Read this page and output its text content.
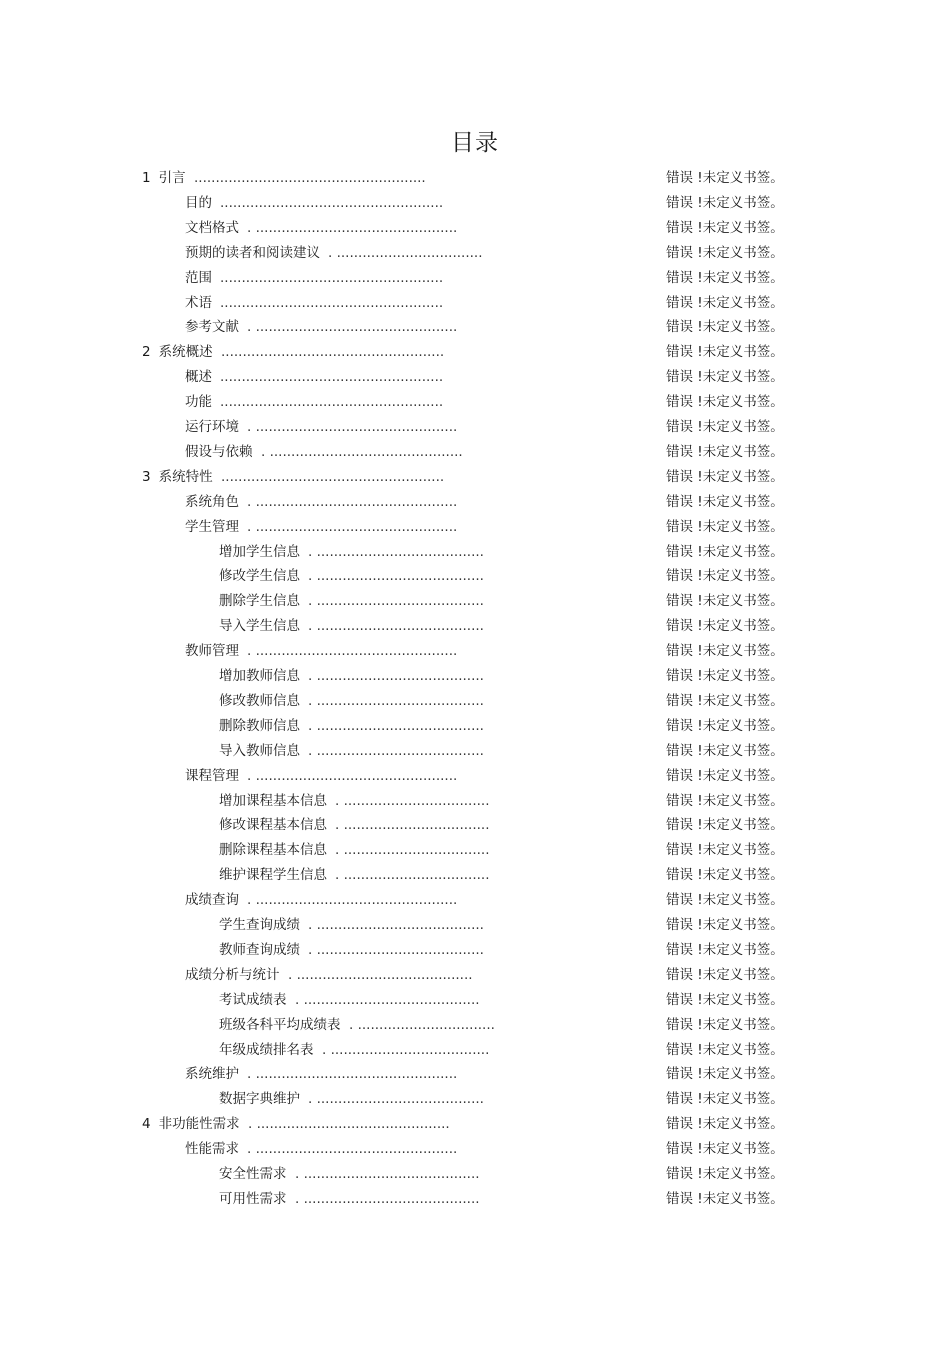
目录
1 引言 ......................................................	错误 !未定义书签。
目的 ....................................................	错误 !未定义书签。
文档格式 . ...............................................	错误 !未定义书签。
预期的读者和阅读建议 . ..................................	错误 !未定义书签。
范围 ....................................................	错误 !未定义书签。
术语 ....................................................	错误 !未定义书签。
参考文献 . ...............................................	错误 !未定义书签。
2 系统概述 ....................................................	错误 !未定义书签。
概述 ....................................................	错误 !未定义书签。
功能 ....................................................	错误 !未定义书签。
运行环境 . ...............................................	错误 !未定义书签。
假设与依赖 . .............................................	错误 !未定义书签。
3 系统特性 ....................................................	错误 !未定义书签。
系统角色 . ...............................................	错误 !未定义书签。
学生管理 . ...............................................	错误 !未定义书签。
增加学生信息 . .......................................	错误 !未定义书签。
修改学生信息 . .......................................	错误 !未定义书签。
删除学生信息 . .......................................	错误 !未定义书签。
导入学生信息 . .......................................	错误 !未定义书签。
教师管理 . ...............................................	错误 !未定义书签。
增加教师信息 . .......................................	错误 !未定义书签。
修改教师信息 . .......................................	错误 !未定义书签。
删除教师信息 . .......................................	错误 !未定义书签。
导入教师信息 . .......................................	错误 !未定义书签。
课程管理 . ...............................................	错误 !未定义书签。
增加课程基本信息 . ..................................	错误 !未定义书签。
修改课程基本信息 . ..................................	错误 !未定义书签。
删除课程基本信息 . ..................................	错误 !未定义书签。
维护课程学生信息 . ..................................	错误 !未定义书签。
成绩查询 . ...............................................	错误 !未定义书签。
学生查询成绩 . .......................................	错误 !未定义书签。
教师查询成绩 . .......................................	错误 !未定义书签。
成绩分析与统计 . .........................................	错误 !未定义书签。
考试成绩表 . .........................................	错误 !未定义书签。
班级各科平均成绩表 . ................................	错误 !未定义书签。
年级成绩排名表 . .....................................	错误 !未定义书签。
系统维护 . ...............................................	错误 !未定义书签。
数据字典维护 . .......................................	错误 !未定义书签。
4 非功能性需求 . .............................................	错误 !未定义书签。
性能需求 . ...............................................	错误 !未定义书签。
安全性需求 . .........................................	错误 !未定义书签。
可用性需求 . .........................................	错误 !未定义书签。
